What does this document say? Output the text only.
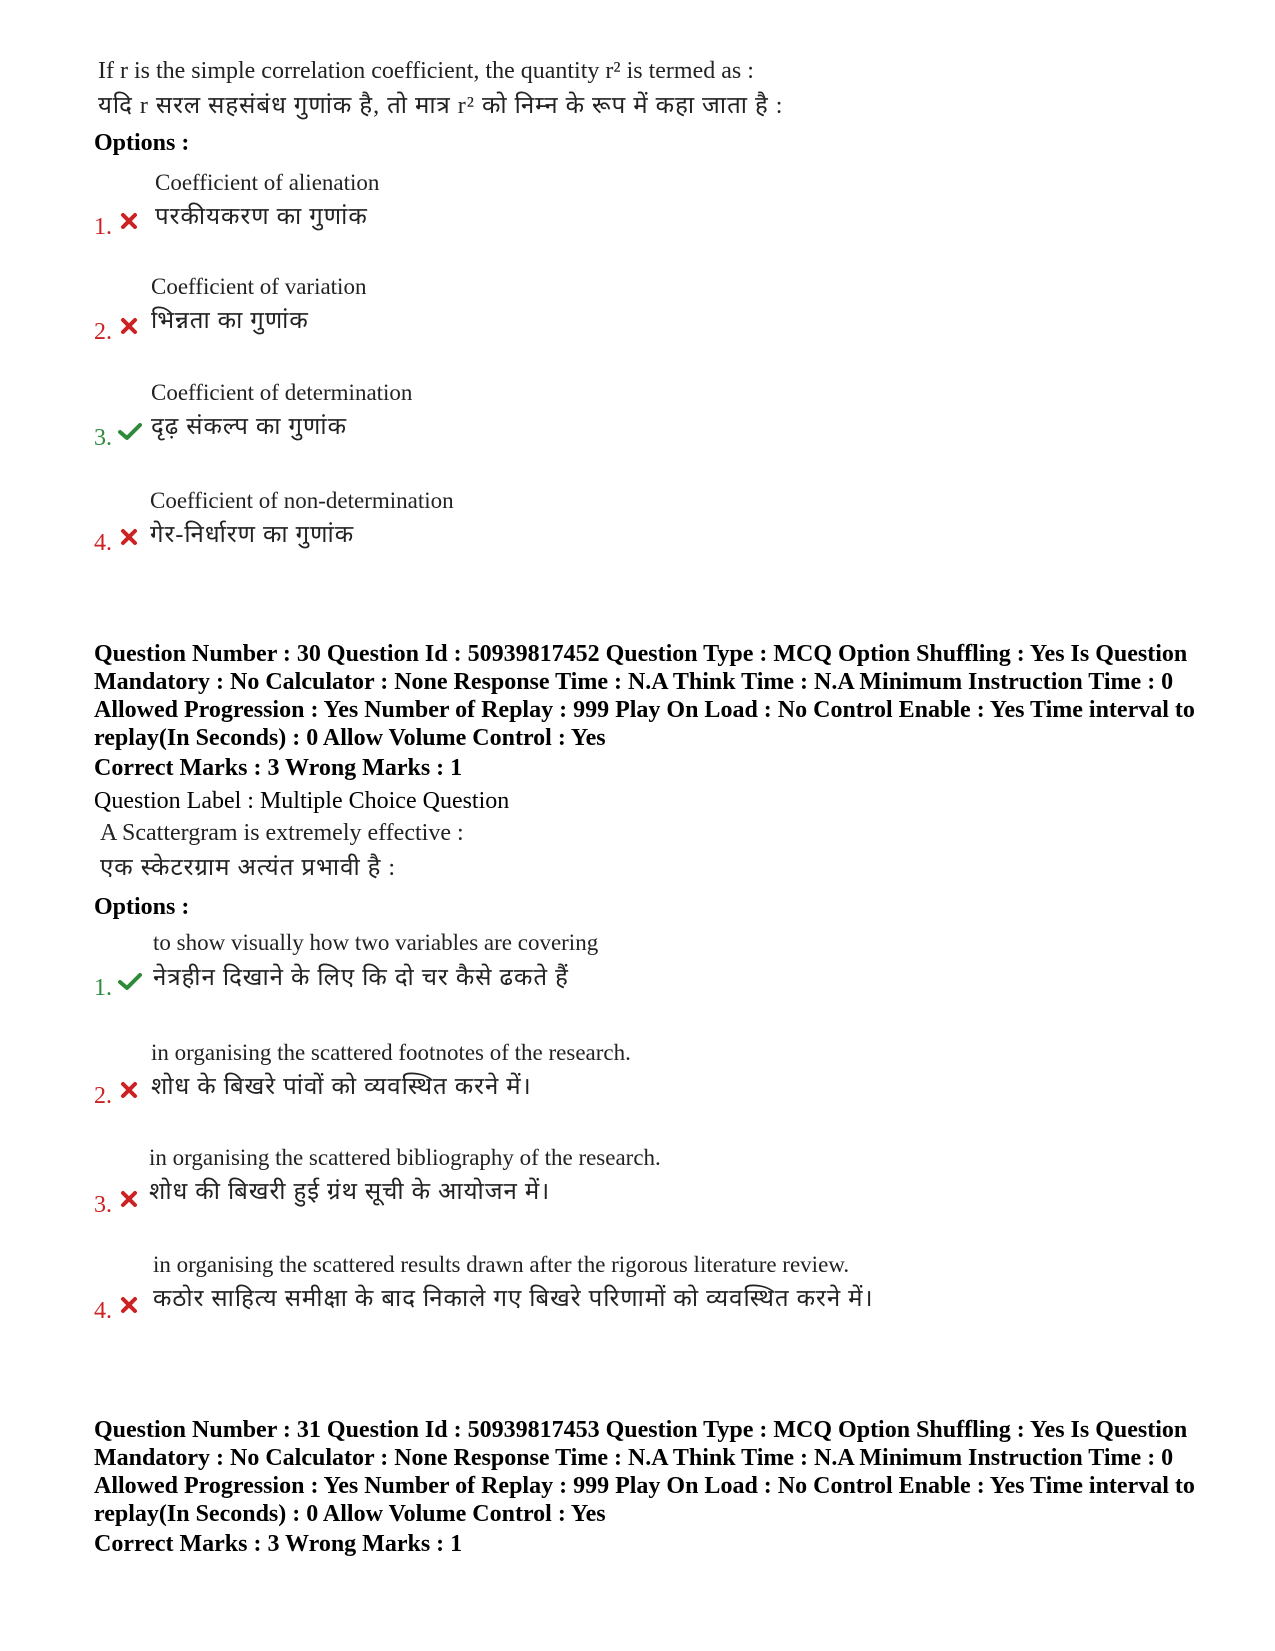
If r is the simple correlation coefficient, the quantity r² is termed as :
यदि r सरल सहसंबंध गुणांक है, तो मात्र r² को निम्न के रूप में कहा जाता है :
Options :
Coefficient of alienation
परकीयकरण का गुणांक
1.
Coefficient of variation
भिन्नता का गुणांक
2.
Coefficient of determination
दृढ़ संकल्प का गुणांक
3.
Coefficient of non-determination
गेर-निर्धारण का गुणांक
4.
Question Number : 30 Question Id : 50939817452 Question Type : MCQ Option Shuffling : Yes Is Question Mandatory : No Calculator : None Response Time : N.A Think Time : N.A Minimum Instruction Time : 0 Allowed Progression : Yes Number of Replay : 999 Play On Load : No Control Enable : Yes Time interval to replay(In Seconds) : 0 Allow Volume Control : Yes
Correct Marks : 3 Wrong Marks : 1
Question Label : Multiple Choice Question
A Scattergram is extremely effective :
एक स्केटरग्राम अत्यंत प्रभावी है :
Options :
to show visually how two variables are covering
नेत्रहीन दिखाने के लिए कि दो चर कैसे ढकते हैं
1.
in organising the scattered footnotes of the research.
शोध के बिखरे पांवों को व्यवस्थित करने में।
2.
in organising the scattered bibliography of the research.
शोध की बिखरी हुई ग्रंथ सूची के आयोजन में।
3.
in organising the scattered results drawn after the rigorous literature review.
कठोर साहित्य समीक्षा के बाद निकाले गए बिखरे परिणामों को व्यवस्थित करने में।
4.
Question Number : 31 Question Id : 50939817453 Question Type : MCQ Option Shuffling : Yes Is Question Mandatory : No Calculator : None Response Time : N.A Think Time : N.A Minimum Instruction Time : 0 Allowed Progression : Yes Number of Replay : 999 Play On Load : No Control Enable : Yes Time interval to replay(In Seconds) : 0 Allow Volume Control : Yes
Correct Marks : 3 Wrong Marks : 1
